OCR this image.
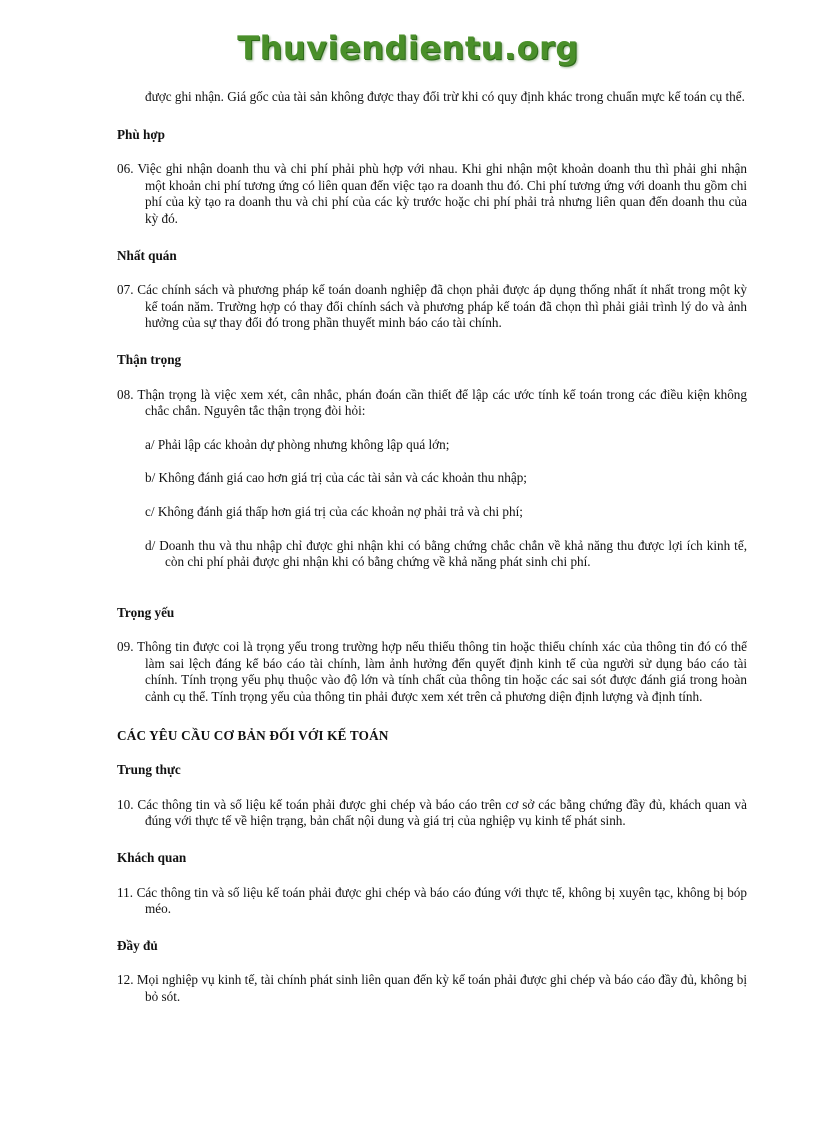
Thuviendientu.org

được ghi nhận. Giá gốc của tài sản không được thay đổi trừ khi có quy định khác trong chuẩn mực kế toán cụ thể.

Phù hợp

06. Việc ghi nhận doanh thu và chi phí phải phù hợp với nhau. Khi ghi nhận một khoản doanh thu thì phải ghi nhận một khoản chi phí tương ứng có liên quan đến việc tạo ra doanh thu đó. Chi phí tương ứng với doanh thu gồm chi phí của kỳ tạo ra doanh thu và chi phí của các kỳ trước hoặc chi phí phải trả nhưng liên quan đến doanh thu của kỳ đó.

Nhất quán

07. Các chính sách và phương pháp kế toán doanh nghiệp đã chọn phải được áp dụng thống nhất ít nhất trong một kỳ kế toán năm. Trường hợp có thay đổi chính sách và phương pháp kế toán đã chọn thì phải giải trình lý do và ảnh hưởng của sự thay đổi đó trong phần thuyết minh báo cáo tài chính.

Thận trọng

08. Thận trọng là việc xem xét, cân nhắc, phán đoán cần thiết để lập các ước tính kế toán trong các điều kiện không chắc chắn. Nguyên tắc thận trọng đòi hỏi:

a/ Phải lập các khoản dự phòng nhưng không lập quá lớn;

b/ Không đánh giá cao hơn giá trị của các tài sản và các khoản thu nhập;

c/ Không đánh giá thấp hơn giá trị của các khoản nợ phải trả và chi phí;

d/ Doanh thu và thu nhập chỉ được ghi nhận khi có bằng chứng chắc chắn về khả năng thu được lợi ích kinh tế, còn chi phí phải được ghi nhận khi có bằng chứng về khả năng phát sinh chi phí.

Trọng yếu

09. Thông tin được coi là trọng yếu trong trường hợp nếu thiếu thông tin hoặc thiếu chính xác của thông tin đó có thể làm sai lệch đáng kể báo cáo tài chính, làm ảnh hưởng đến quyết định kinh tế của người sử dụng báo cáo tài chính. Tính trọng yếu phụ thuộc vào độ lớn và tính chất của thông tin hoặc các sai sót được đánh giá trong hoàn cảnh cụ thể. Tính trọng yếu của thông tin phải được xem xét trên cả phương diện định lượng và định tính.

CÁC YÊU CẦU CƠ BẢN ĐỐI VỚI KẾ TOÁN
Trung thực

10. Các thông tin và số liệu kế toán phải được ghi chép và báo cáo trên cơ sở các bằng chứng đầy đủ, khách quan và đúng với thực tế về hiện trạng, bản chất nội dung và giá trị của nghiệp vụ kinh tế phát sinh.

Khách quan

11. Các thông tin và số liệu kế toán phải được ghi chép và báo cáo đúng với thực tế, không bị xuyên tạc, không bị bóp méo.

Đầy đủ

12. Mọi nghiệp vụ kinh tế, tài chính phát sinh liên quan đến kỳ kế toán phải được ghi chép và báo cáo đầy đủ, không bị bỏ sót.
